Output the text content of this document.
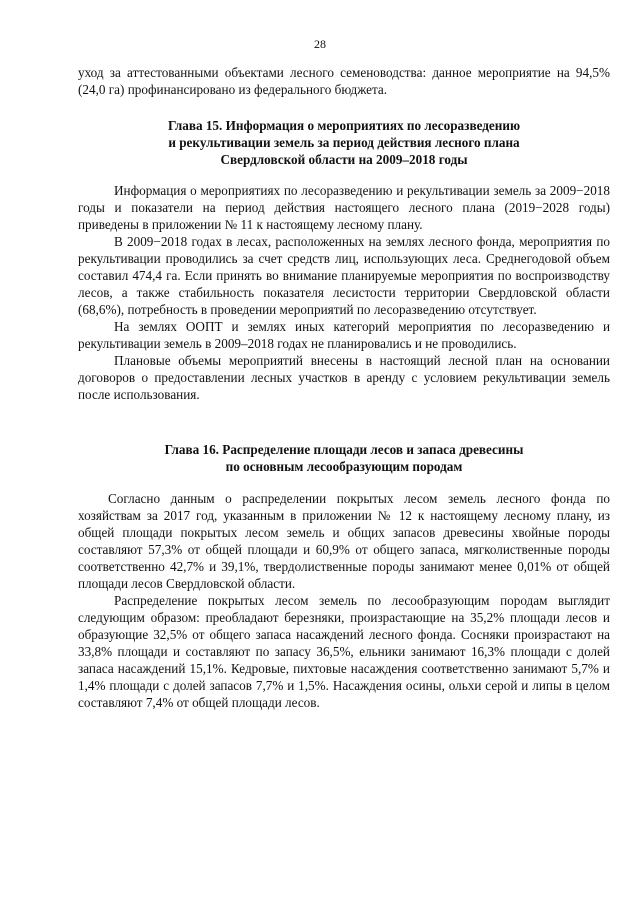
28

уход за аттестованными объектами лесного семеноводства: данное мероприятие на 94,5% (24,0 га) профинансировано из федерального бюджета.

Глава 15. Информация о мероприятиях по лесоразведению
и рекультивации земель за период действия лесного плана
Свердловской области на 2009–2018 годы

Информация о мероприятиях по лесоразведению и рекультивации земель за 2009−2018 годы и показатели на период действия настоящего лесного плана (2019−2028 годы) приведены в приложении № 11 к настоящему лесному плану.

В 2009−2018 годах в лесах, расположенных на землях лесного фонда, мероприятия по рекультивации проводились за счет средств лиц, использующих леса. Среднегодовой объем составил 474,4 га. Если принять во внимание планируемые мероприятия по воспроизводству лесов, а также стабильность показателя лесистости территории Свердловской области (68,6%), потребность в проведении мероприятий по лесоразведению отсутствует.

На землях ООПТ и землях иных категорий мероприятия по лесоразведению и рекультивации земель в 2009–2018 годах не планировались и не проводились.

Плановые объемы мероприятий внесены в настоящий лесной план на основании договоров о предоставлении лесных участков в аренду с условием рекультивации земель после использования.

Глава 16. Распределение площади лесов и запаса древесины
по основным лесообразующим породам

Согласно данным о распределении покрытых лесом земель лесного фонда по хозяйствам за 2017 год, указанным в приложении № 12 к настоящему лесному плану, из общей площади покрытых лесом земель и общих запасов древесины хвойные породы составляют 57,3% от общей площади и 60,9% от общего запаса, мягколиственные породы соответственно 42,7% и 39,1%, твердолиственные породы занимают менее 0,01% от общей площади лесов Свердловской области.

Распределение покрытых лесом земель по лесообразующим породам выглядит следующим образом: преобладают березняки, произрастающие на 35,2% площади лесов и образующие 32,5% от общего запаса насаждений лесного фонда. Сосняки произрастают на 33,8% площади и составляют по запасу 36,5%, ельники занимают 16,3% площади с долей запаса насаждений 15,1%. Кедровые, пихтовые насаждения соответственно занимают 5,7% и 1,4% площади с долей запасов 7,7% и 1,5%. Насаждения осины, ольхи серой и липы в целом составляют 7,4% от общей площади лесов.
